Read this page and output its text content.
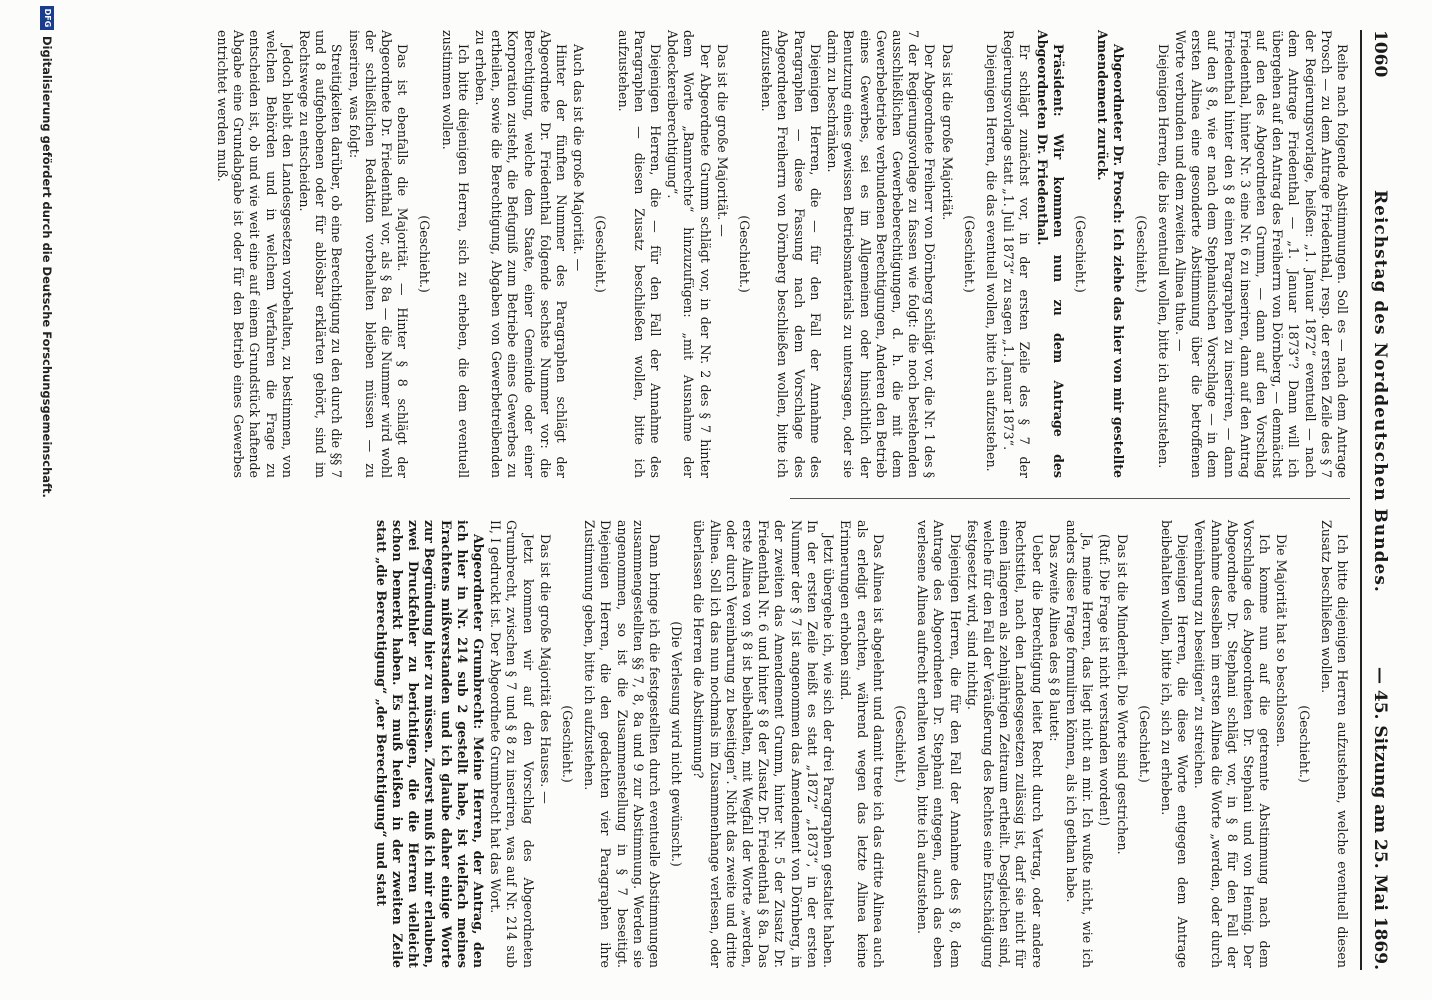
1060
Reichstag des Norddeutschen Bundes.
— 45. Sitzung am 25. Mai 1869.

Reihe nach folgende Abstimmungen. Soll es — nach dem Antrage Prosch — zu dem Antrage Friedenthal, resp. der ersten Zeile des § 7 der Regierungsvorlage, heißen: „1. Januar 1872“ eventuell — nach dem Antrage Friedenthal — „1. Januar 1873“? Dann will ich übergehen auf den Antrag des Freiherrn von Dörnberg, — demnächst auf den des Abgeordneten Grumm, — dann auf den Vorschlag Friedenthal, hinter Nr. 3 eine Nr. 6 zu inseriren, dann auf den Antrag Friedenthal hinter den § 8 einen Paragraphen zu inseriren, — dann auf den § 8, wie er nach dem Stephanischen Vorschlage — in dem ersten Alinea eine gesonderte Abstimmung über die betroffenen Worte verbunden und dem zweiten Alinea thue. —

Diejenigen Herren, die bis eventuell wollen, bitte ich aufzustehen.

(Geschieht.)

Abgeordneter Dr. Prosch: Ich ziehe das hier von mir gestellte Amendement zurück.

(Geschieht.)

Präsident: Wir kommen nun zu dem Antrage des Abgeordneten Dr. Friedenthal.

Er schlägt zunächst vor, in der ersten Zeile des § 7 der Regierungsvorlage statt „1. Juli 1873“ zu sagen „1. Januar 1873“.

Diejenigen Herren, die das eventuell wollen, bitte ich aufzustehen.

(Geschieht.)

Das ist die große Majorität.

Der Abgeordnete Freiherr von Dörnberg schlägt vor, die Nr. 1 des § 7 der Regierungsvorlage zu fassen wie folgt: die noch bestehenden ausschließlichen Gewerbeberechtigungen, d. h. die mit dem Gewerbebetriebe verbundenen Berechtigungen, Anderen den Betrieb eines Gewerbes, sei es im Allgemeinen oder hinsichtlich der Benutzung eines gewissen Betriebsmaterials zu untersagen, oder sie darin zu beschränken.

Diejenigen Herren, die — für den Fall der Annahme des Paragraphen — diese Fassung nach dem Vorschlage des Abgeordneten Freiherrn von Dörnberg beschließen wollen, bitte ich aufzustehen.

(Geschieht.)

Das ist die große Majorität. —

Der Abgeordnete Grumm schlägt vor, in der Nr. 2 des § 7 hinter dem Worte „Bannrechte“ hinzuzufügen: „mit Ausnahme der Abdeckereiberechtigung“.

Diejenigen Herren, die — für den Fall der Annahme des Paragraphen — diesen Zusatz beschließen wollen, bitte ich aufzustehen.

(Geschieht.)

Auch das ist die große Majorität. —

Hinter der fünften Nummer des Paragraphen schlägt der Abgeordnete Dr. Friedenthal folgende sechste Nummer vor: die Berechtigung, welche dem Staate, einer Gemeinde oder einer Korporation zusteht, die Befugniß zum Betriebe eines Gewerbes zu ertheilen, sowie die Berechtigung, Abgaben von Gewerbetreibenden zu erheben.

Ich bitte diejenigen Herren, sich zu erheben, die dem eventuell zustimmen wollen.

(Geschieht.)

Das ist ebenfalls die Majorität. — Hinter § 8 schlägt der Abgeordnete Dr. Friedenthal vor, als § 8a — die Nummer wird wohl der schließlichen Redaktion vorbehalten bleiben müssen — zu inseriren, was folgt:

Streitigkeiten darüber, ob eine Berechtigung zu den durch die §§ 7 und 8 aufgehobenen oder für ablösbar erklärten gehört, sind im Rechtswege zu entscheiden.

Jedoch bleibt den Landesgesetzen vorbehalten, zu bestimmen, von welchen Behörden und in welchem Verfahren die Frage zu entscheiden ist, ob und wie weit eine auf einem Grundstück haftende Abgabe eine Grundabgabe ist oder für den Betrieb eines Gewerbes entrichtet werden muß.

Ich bitte diejenigen Herren aufzustehen, welche eventuell diesen Zusatz beschließen wollen.

(Geschieht.)

Die Majorität hat so beschlossen.

Ich komme nun auf die getrennte Abstimmung nach dem Vorschlage des Abgeordneten Dr. Stephani und von Hennig. Der Abgeordnete Dr. Stephani schlägt vor, in § 8 für den Fall der Annahme desselben im ersten Alinea die Worte „werden, oder durch Vereinbarung zu beseitigen“ zu streichen.

Diejenigen Herren, die diese Worte entgegen dem Antrage beibehalten wollen, bitte ich, sich zu erheben.

(Geschieht.)

Das ist die Minderheit. Die Worte sind gestrichen.

(Ruf: Die Frage ist nicht verstanden worden!)

Ja, meine Herren, das liegt nicht an mir. Ich wußte nicht, wie ich anders diese Frage formuliren können, als ich gethan habe.

Das zweite Alinea des § 8 lautet:

Ueber die Berechtigung leitet Recht durch Vertrag, oder andere Rechtstitel, nach den Landesgesetzen zulässig ist, darf sie nicht für einen längeren als zehnjährigen Zeitraum ertheilt. Desgleichen sind, welche für den Fall der Veräußerung des Rechtes eine Entschädigung festgesetzt wird, sind nichtig.

Diejenigen Herren, die für den Fall der Annahme des § 8, dem Antrage des Abgeordneten Dr. Stephani entgegen, auch das eben verlesene Alinea aufrecht erhalten wollen, bitte ich aufzustehen.

(Geschieht.)

Das Alinea ist abgelehnt und damit trete ich das dritte Alinea auch als erledigt erachten, während wegen das letzte Alinea keine Erinnerungen erhoben sind.

Jetzt übergehe ich, wie sich der drei Paragraphen gestaltet haben. In der ersten Zeile heißt es statt „1872“ „1873“, in der ersten Nummer der § 7 ist angenommen das Amendement von Dörnberg, in der zweiten das Amendement Grumm, hinter Nr. 5 der Zusatz Dr. Friedenthal Nr. 6 und hinter § 8 der Zusatz Dr. Friedenthal § 8a. Das erste Alinea von § 8 ist beibehalten, mit Wegfall der Worte „werden, oder durch Vereinbarung zu beseitigen“. Nicht das zweite und dritte Alinea. Soll ich das nun nochmals im Zusammenhange verlesen, oder überlassen die Herren die Abstimmung?

(Die Verlesung wird nicht gewünscht.)

Dann bringe ich die festgestellten durch eventuelle Abstimmungen zusammengestellten §§ 7, 8, 8a und 9 zur Abstimmung. Werden sie angenommen, so ist die Zusammenstellung in § 7 beseitigt. Diejenigen Herren, die den gedachten vier Paragraphen ihre Zustimmung geben, bitte ich aufzustehen.

(Geschieht.)

Das ist die große Majorität des Hauses. —

Jetzt kommen wir auf den Vorschlag des Abgeordneten Grumbrecht, zwischen § 7 und § 8 zu inseriren, was auf Nr. 214 sub II, I gedruckt ist. Der Abgeordnete Grumbrecht hat das Wort.

Abgeordneter Grumbrecht: Meine Herren, der Antrag, den ich hier in Nr. 214 sub 2 gestellt habe, ist vielfach meines Erachtens mißverstanden und ich glaube daher einige Worte zur Begründung hier zu müssen. Zuerst muß ich mir erlauben, zwei Druckfehler zu berichtigen, die die Herren vielleicht schon bemerkt haben. Es muß heißen in der zweiten Zeile statt „die Berechtigung“ „der Berechtigung“ und statt

DFG
Digitalisierung gefördert durch die Deutsche Forschungsgemeinschaft.
